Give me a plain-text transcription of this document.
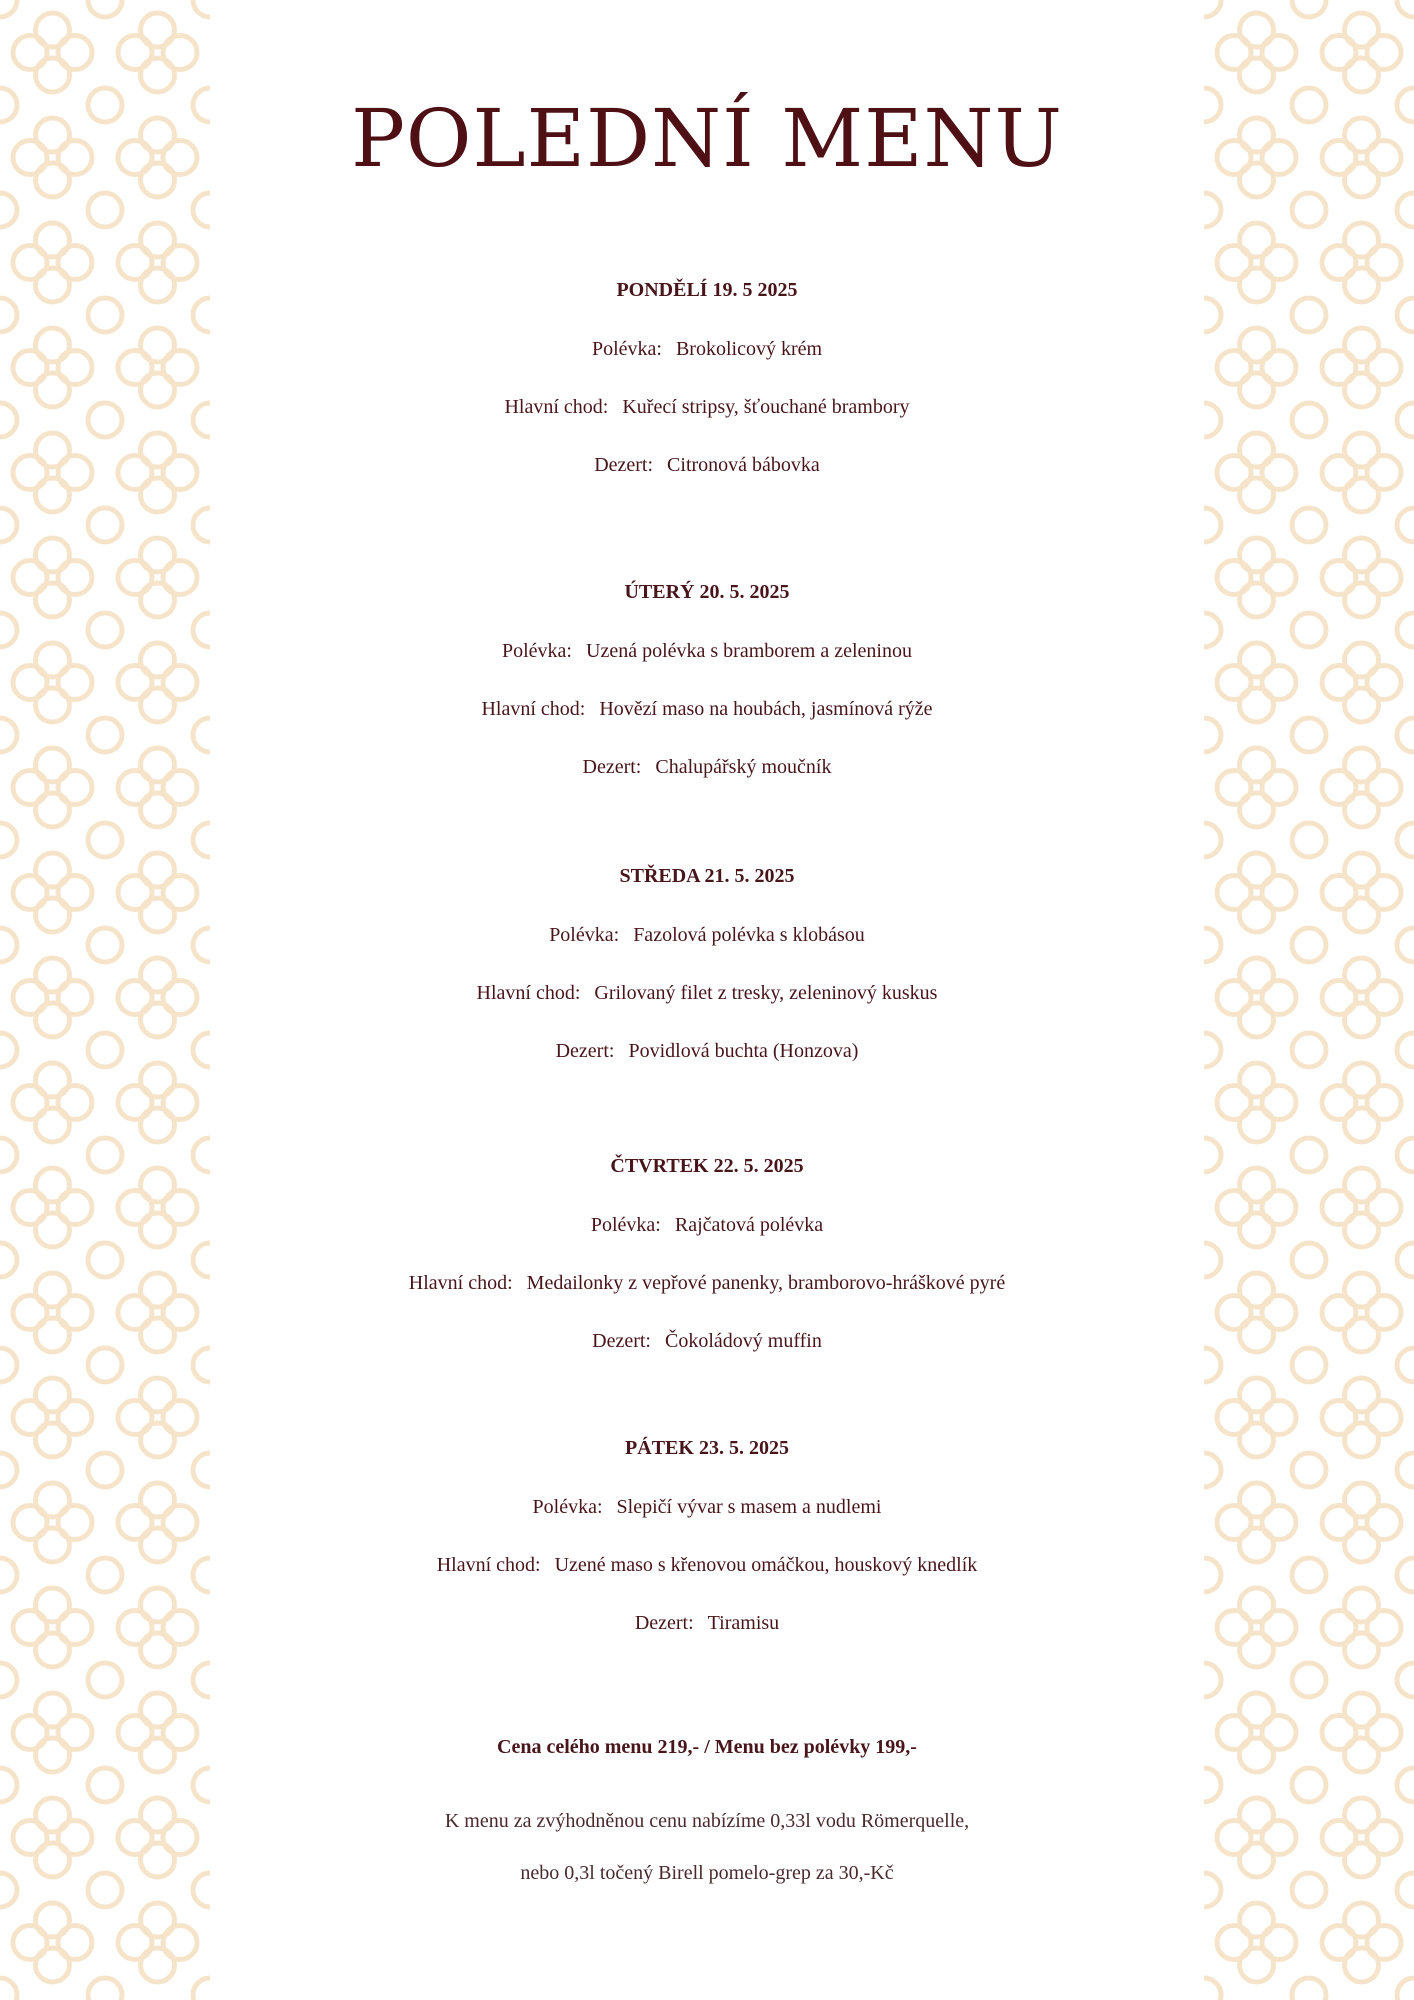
POLEDNÍ MENU
PONDĚLÍ 19. 5 2025
Polévka: Brokolicový krém
Hlavní chod: Kuřecí stripsy, šťouchané brambory
Dezert: Citronová bábovka
ÚTERÝ 20. 5. 2025
Polévka: Uzená polévka s bramborem a zeleninou
Hlavní chod: Hovězí maso na houbách, jasmínová rýže
Dezert: Chalupářský moučník
STŘEDA 21. 5. 2025
Polévka: Fazolová polévka s klobásou
Hlavní chod: Grilovaný filet z tresky, zeleninový kuskus
Dezert: Povidlová buchta (Honzova)
ČTVRTEK 22. 5. 2025
Polévka: Rajčatová polévka
Hlavní chod: Medailonky z vepřové panenky, bramborovo-hráškové pyré
Dezert: Čokoládový muffin
PÁTEK 23. 5. 2025
Polévka: Slepičí vývar s masem a nudlemi
Hlavní chod: Uzené maso s křenovou omáčkou, houskový knedlík
Dezert: Tiramisu
Cena celého menu 219,- / Menu bez polévky 199,-
K menu za zvýhodněnou cenu nabízíme 0,33l vodu Römerquelle,
nebo 0,3l točený Birell pomelo-grep za 30,-Kč
